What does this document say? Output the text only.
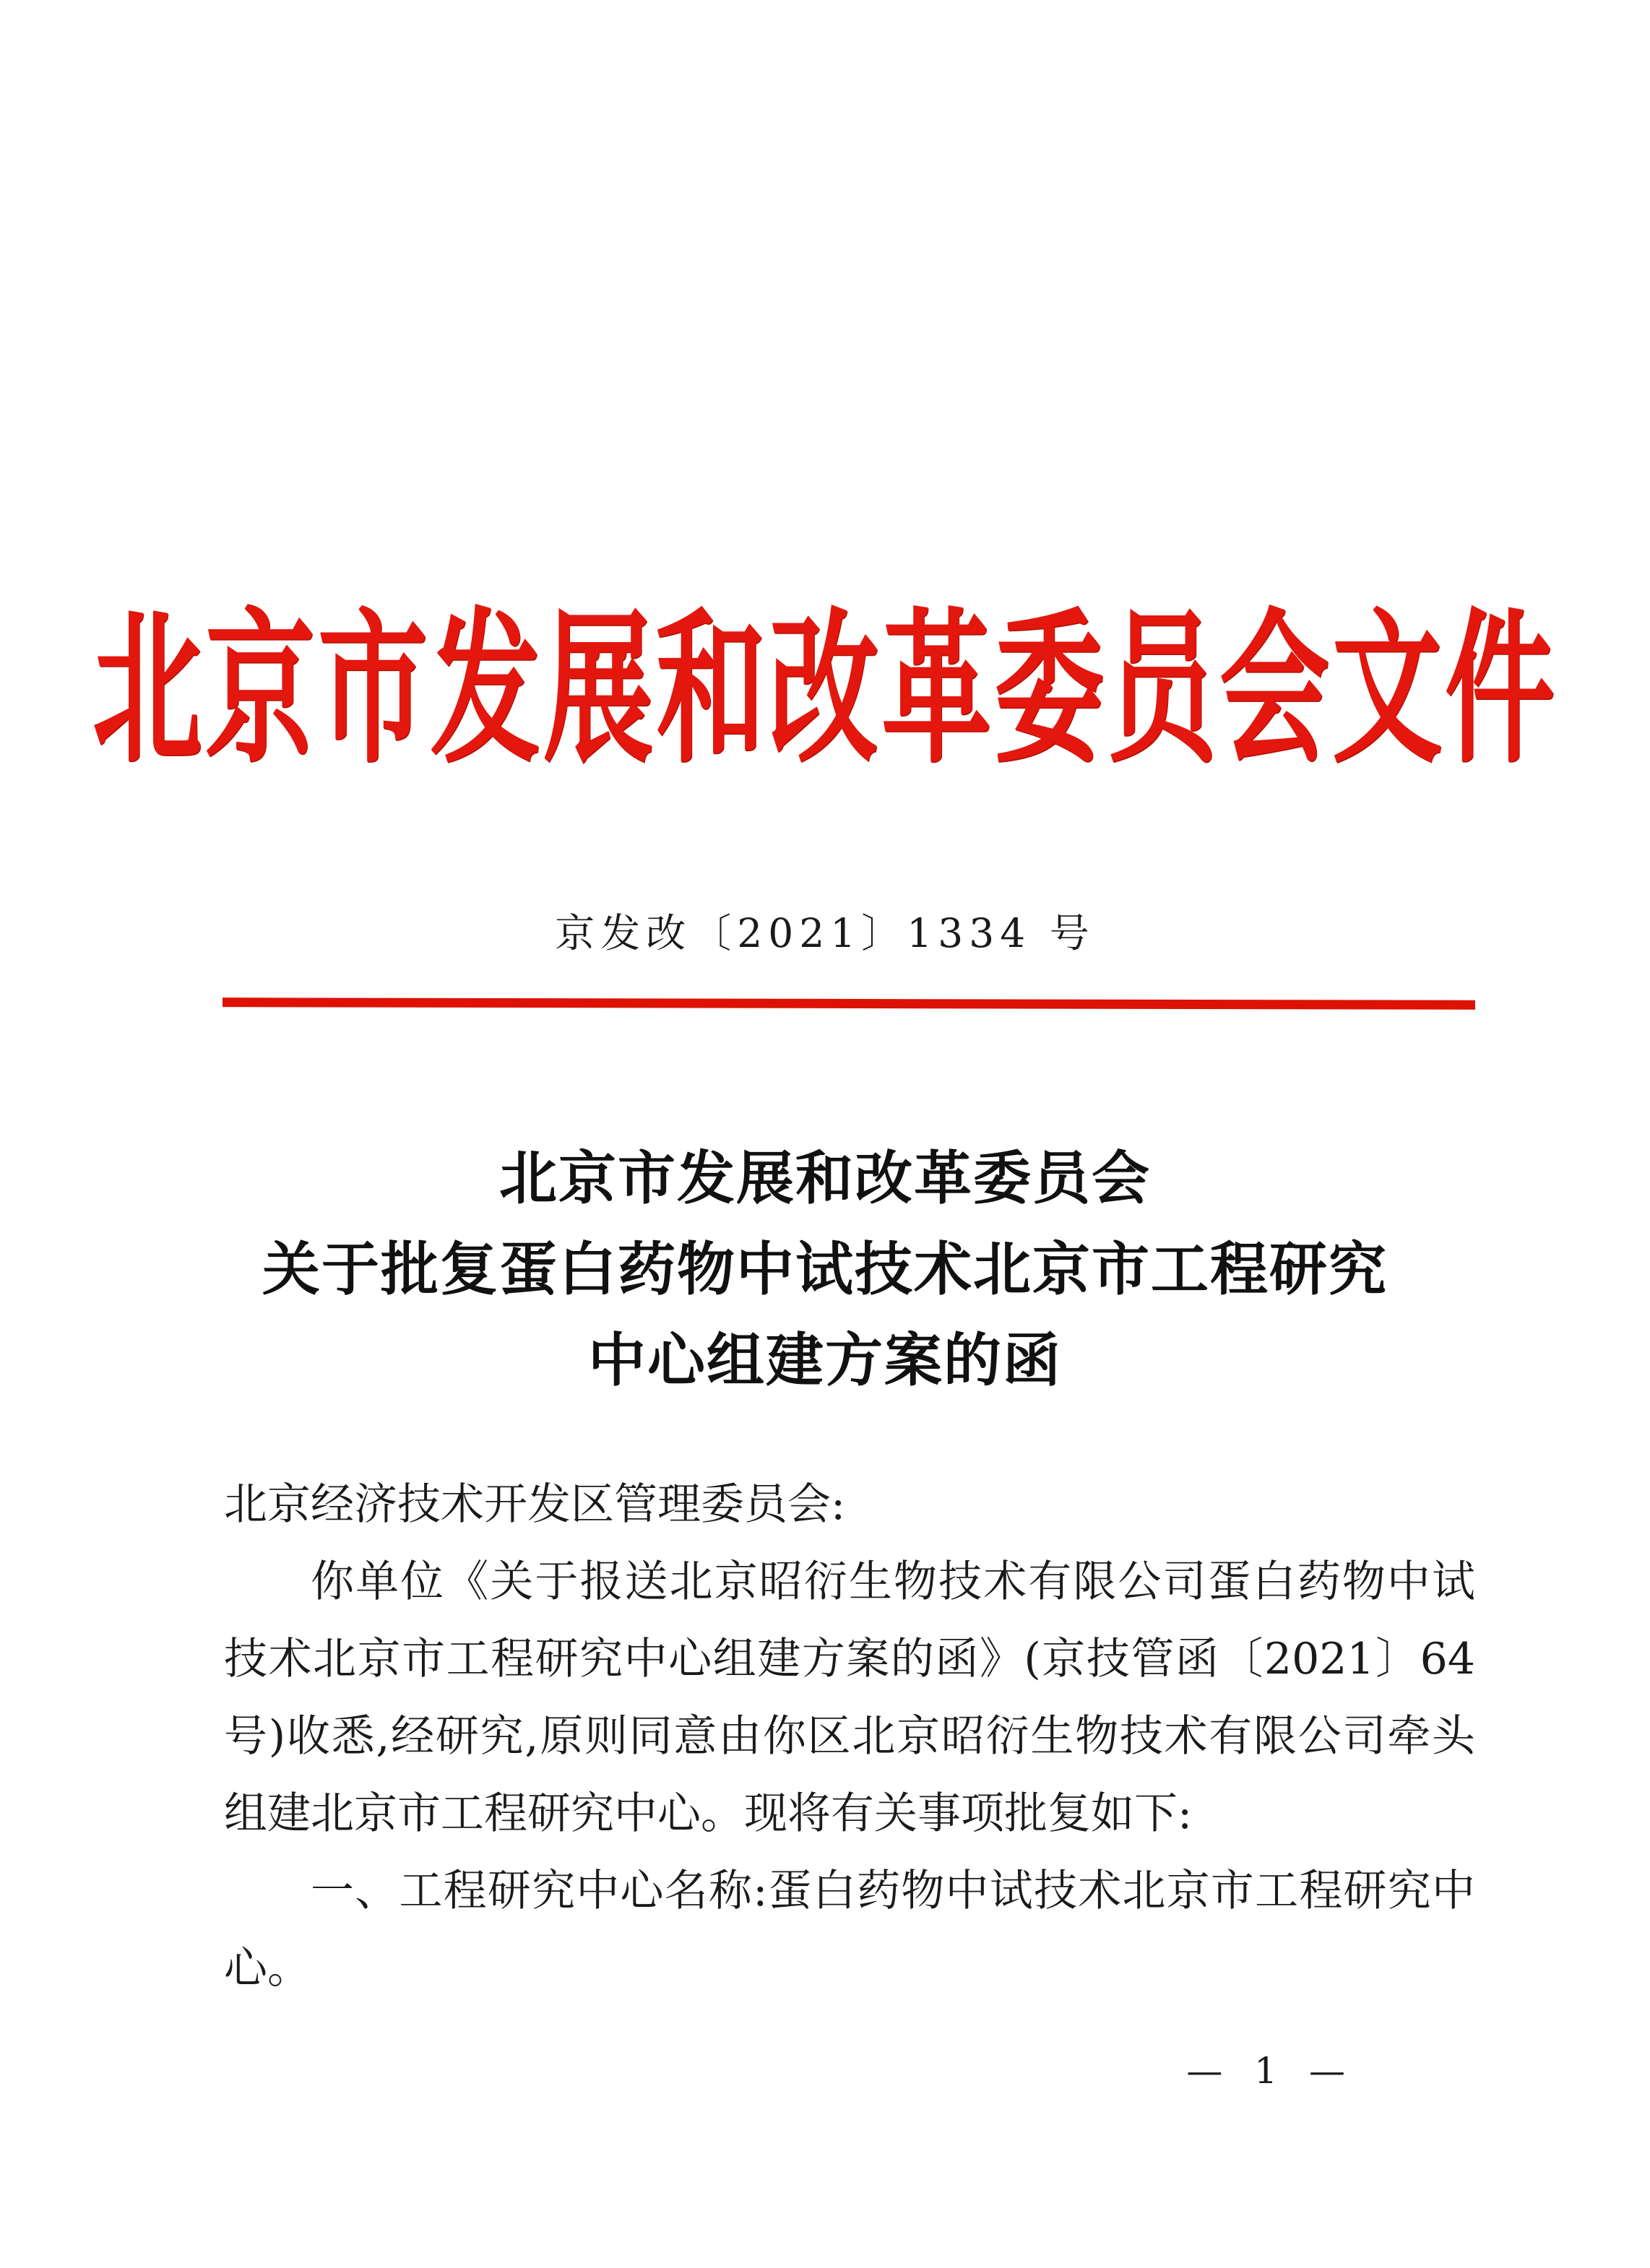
北京市发展和改革委员会文件
京发改〔2021〕1334 号
北京市发展和改革委员会
关于批复蛋白药物中试技术北京市工程研究
中心组建方案的函

北京经济技术开发区管理委员会:

你单位《关于报送北京昭衍生物技术有限公司蛋白药物中试技术北京市工程研究中心组建方案的函》(京技管函〔2021〕64号)收悉,经研究,原则同意由你区北京昭衍生物技术有限公司牵头组建北京市工程研究中心。现将有关事项批复如下:

一、工程研究中心名称:蛋白药物中试技术北京市工程研究中心。

— 1 —
